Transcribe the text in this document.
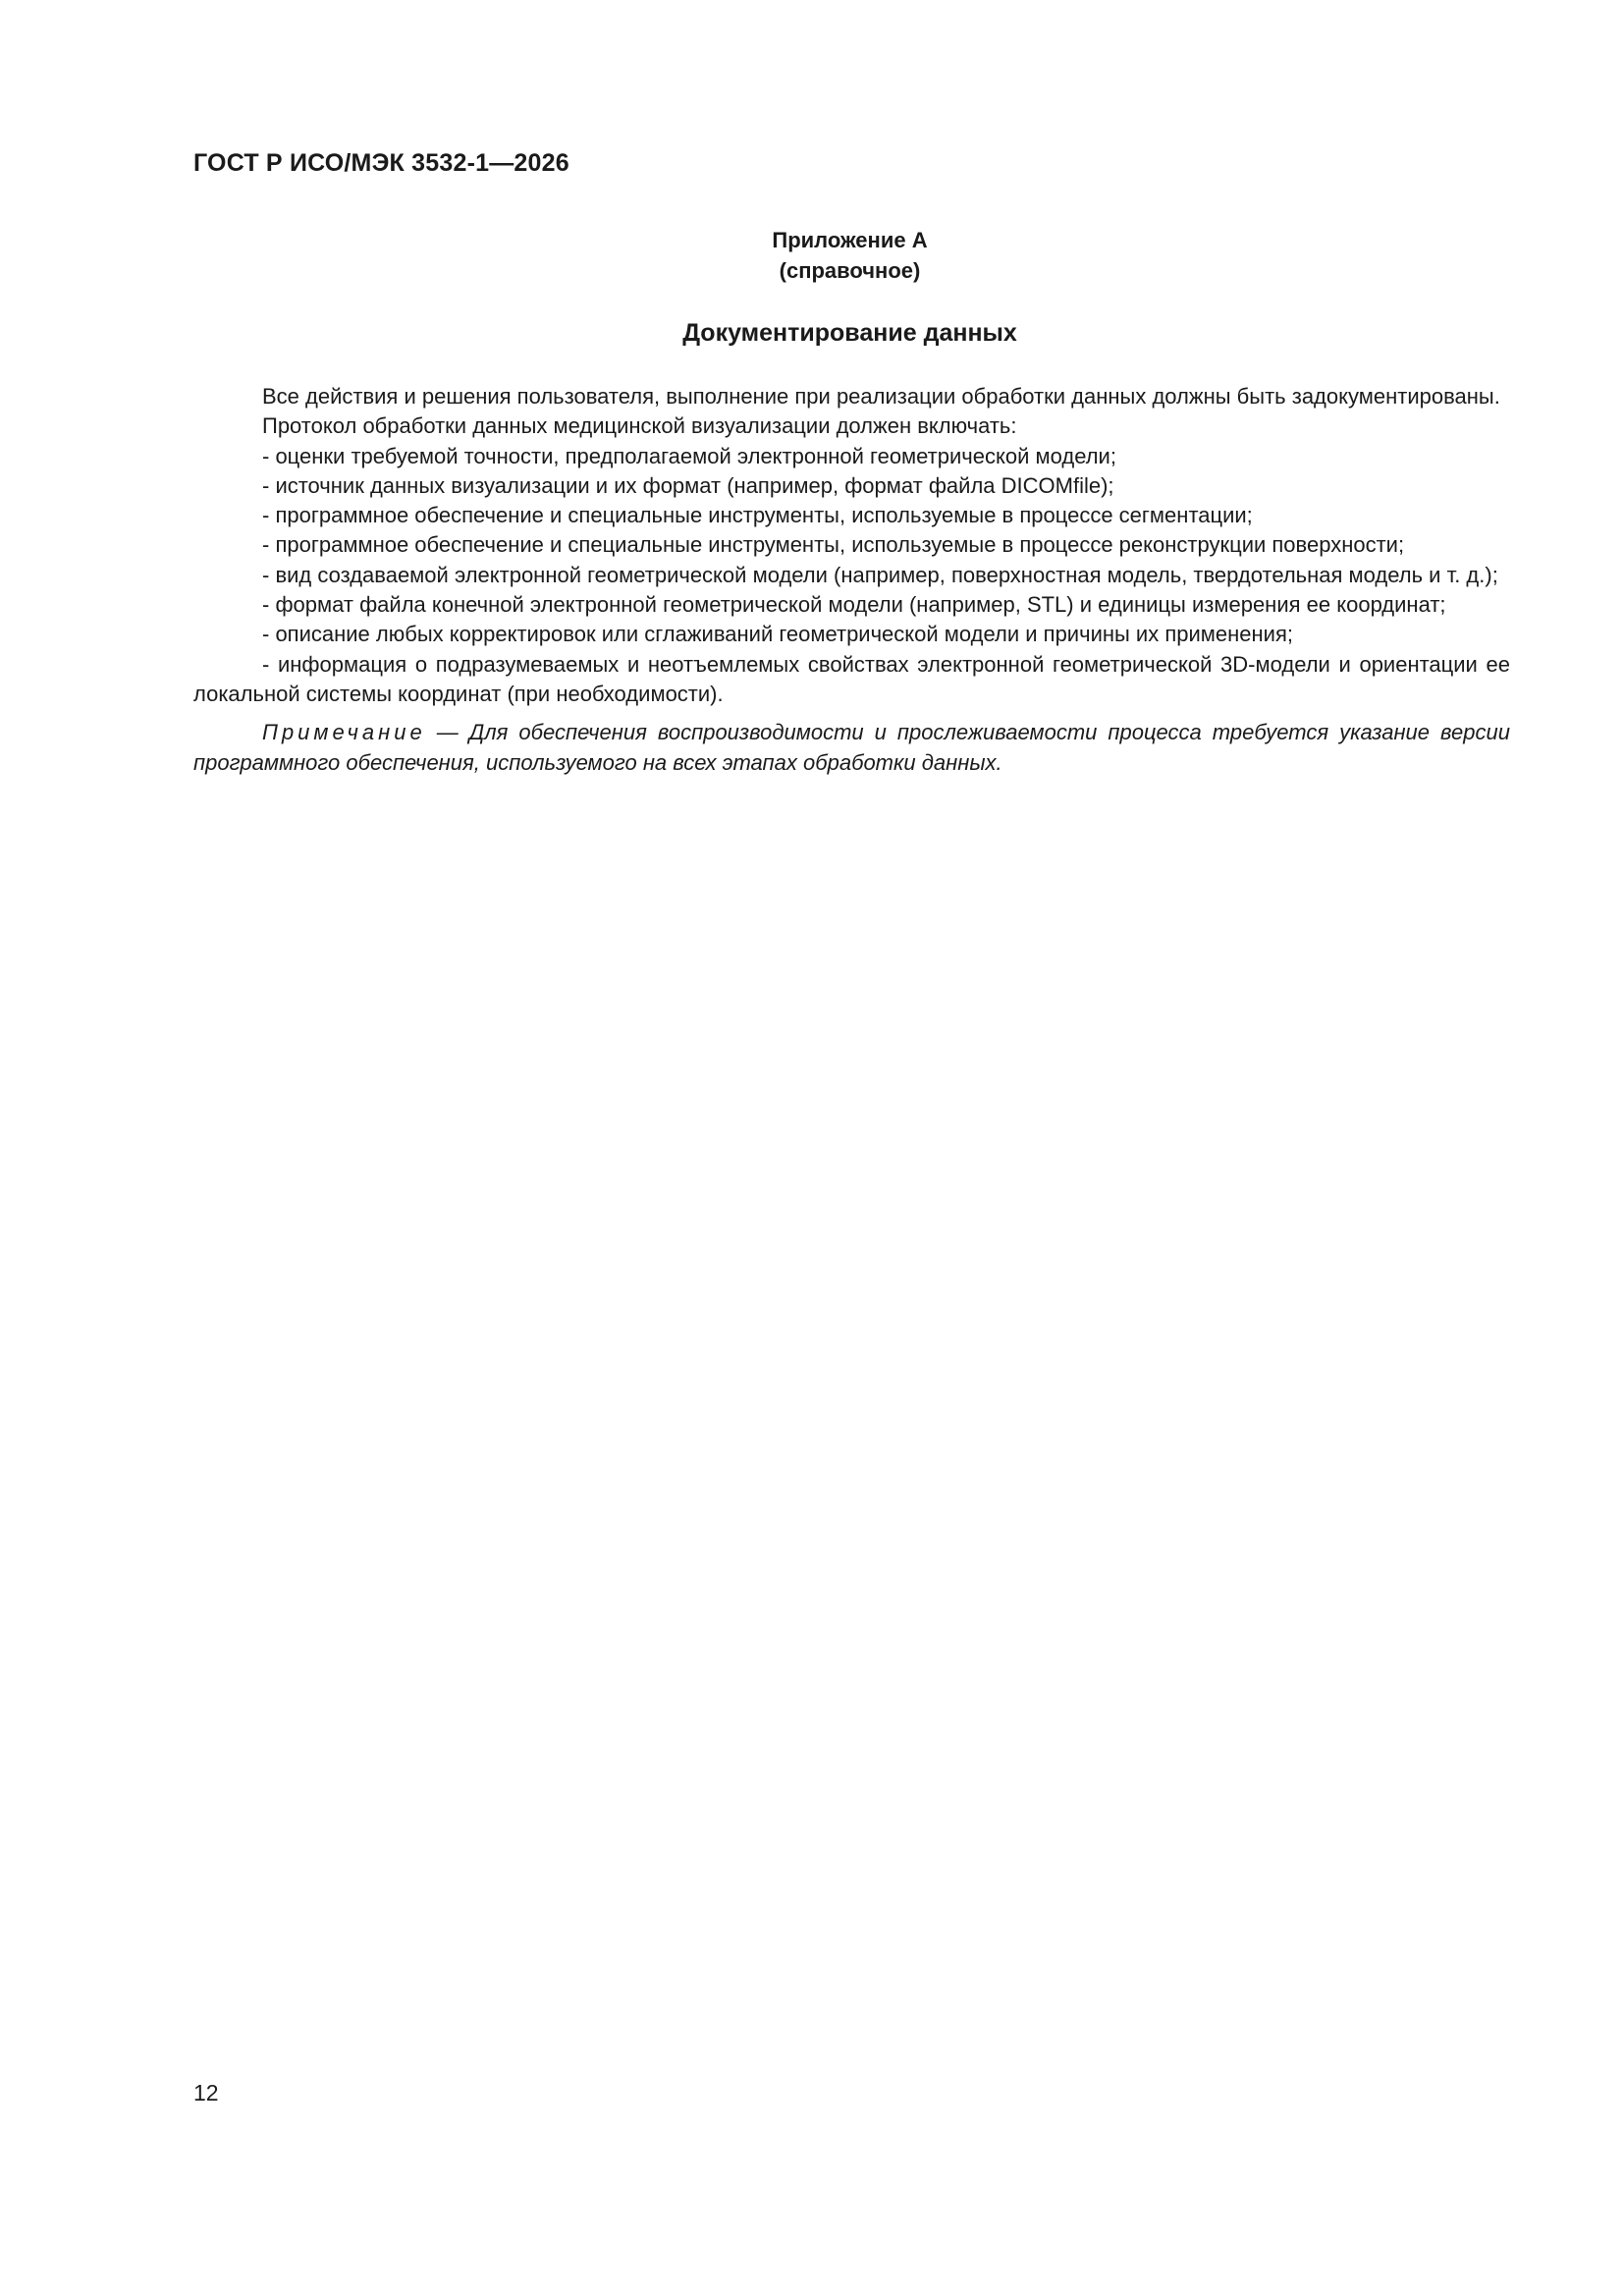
ГОСТ Р ИСО/МЭК 3532-1—2026

Приложение А

(справочное)

Документирование данных

Все действия и решения пользователя, выполнение при реализации обработки данных должны быть задокументированы.

Протокол обработки данных медицинской визуализации должен включать:

- оценки требуемой точности, предполагаемой электронной геометрической модели;
- источник данных визуализации и их формат (например, формат файла DICOMfile);
- программное обеспечение и специальные инструменты, используемые в процессе сегментации;
- программное обеспечение и специальные инструменты, используемые в процессе реконструкции поверхности;
- вид создаваемой электронной геометрической модели (например, поверхностная модель, твердотельная модель и т. д.);
- формат файла конечной электронной геометрической модели (например, STL) и единицы измерения ее координат;
- описание любых корректировок или сглаживаний геометрической модели и причины их применения;
- информация о подразумеваемых и неотъемлемых свойствах электронной геометрической 3D-модели и ориентации ее локальной системы координат (при необходимости).

Примечание — Для обеспечения воспроизводимости и прослеживаемости процесса требуется указание версии программного обеспечения, используемого на всех этапах обработки данных.

12
